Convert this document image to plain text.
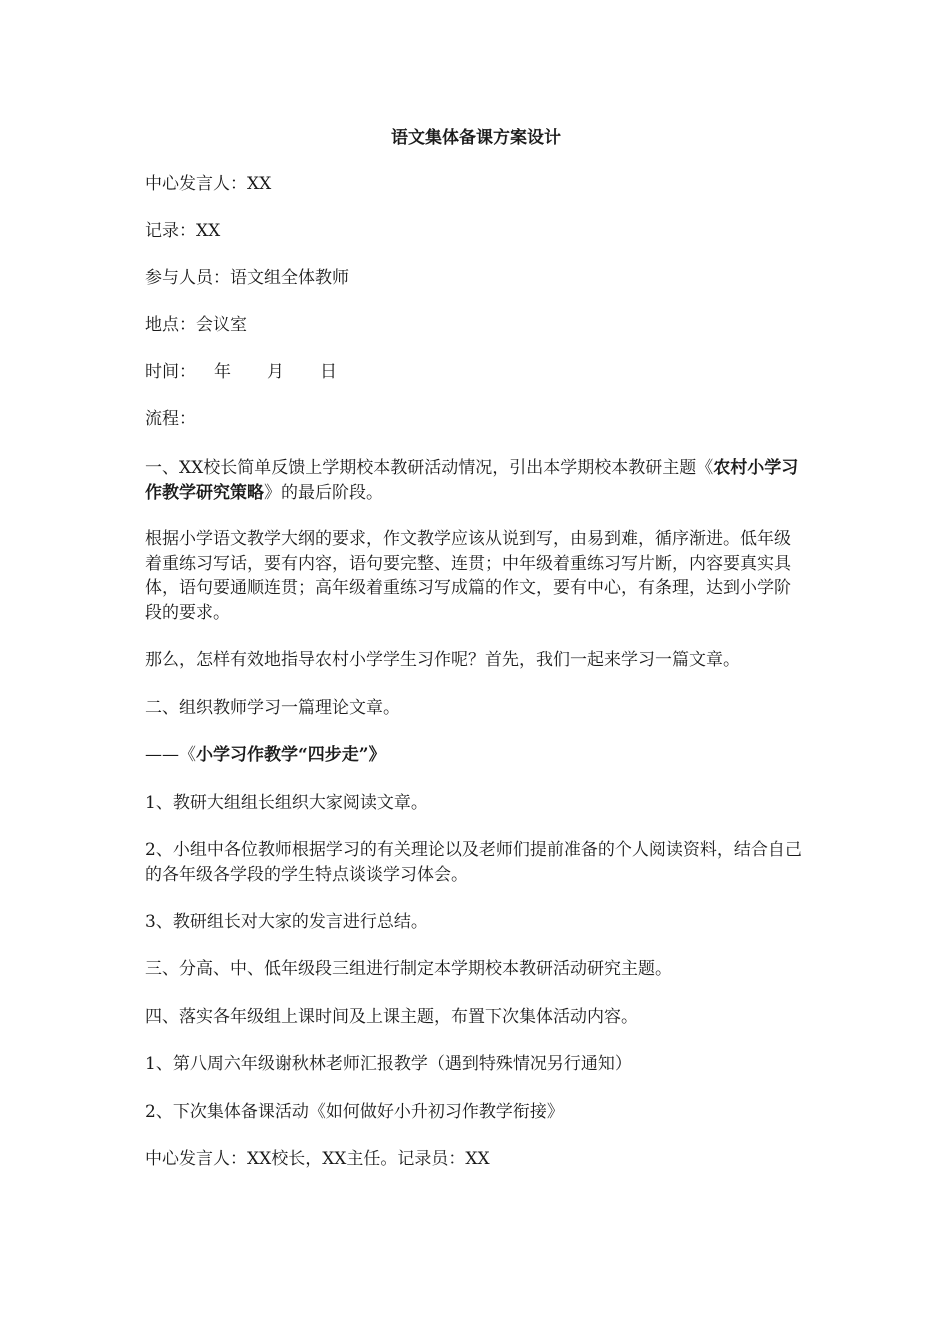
语文集体备课方案设计
中心发言人：XX
记录：XX
参与人员：语文组全体教师
地点：会议室
时间： 年 月 日
流程：
一、XX校长简单反馈上学期校本教研活动情况，引出本学期校本教研主题《农村小学习作教学研究策略》的最后阶段。
根据小学语文教学大纲的要求，作文教学应该从说到写，由易到难，循序渐进。低年级着重练习写话，要有内容，语句要完整、连贯；中年级着重练习写片断，内容要真实具体，语句要通顺连贯；高年级着重练习写成篇的作文，要有中心，有条理，达到小学阶段的要求。
那么，怎样有效地指导农村小学学生习作呢？首先，我们一起来学习一篇文章。
二、组织教师学习一篇理论文章。
——《小学习作教学“四步走”》
1、教研大组组长组织大家阅读文章。
2、小组中各位教师根据学习的有关理论以及老师们提前准备的个人阅读资料，结合自己的各年级各学段的学生特点谈谈学习体会。
3、教研组长对大家的发言进行总结。
三、分高、中、低年级段三组进行制定本学期校本教研活动研究主题。
四、落实各年级组上课时间及上课主题，布置下次集体活动内容。
1、第八周六年级谢秋林老师汇报教学（遇到特殊情况另行通知）
2、下次集体备课活动《如何做好小升初习作教学衔接》
中心发言人：XX校长，XX主任。记录员：XX
